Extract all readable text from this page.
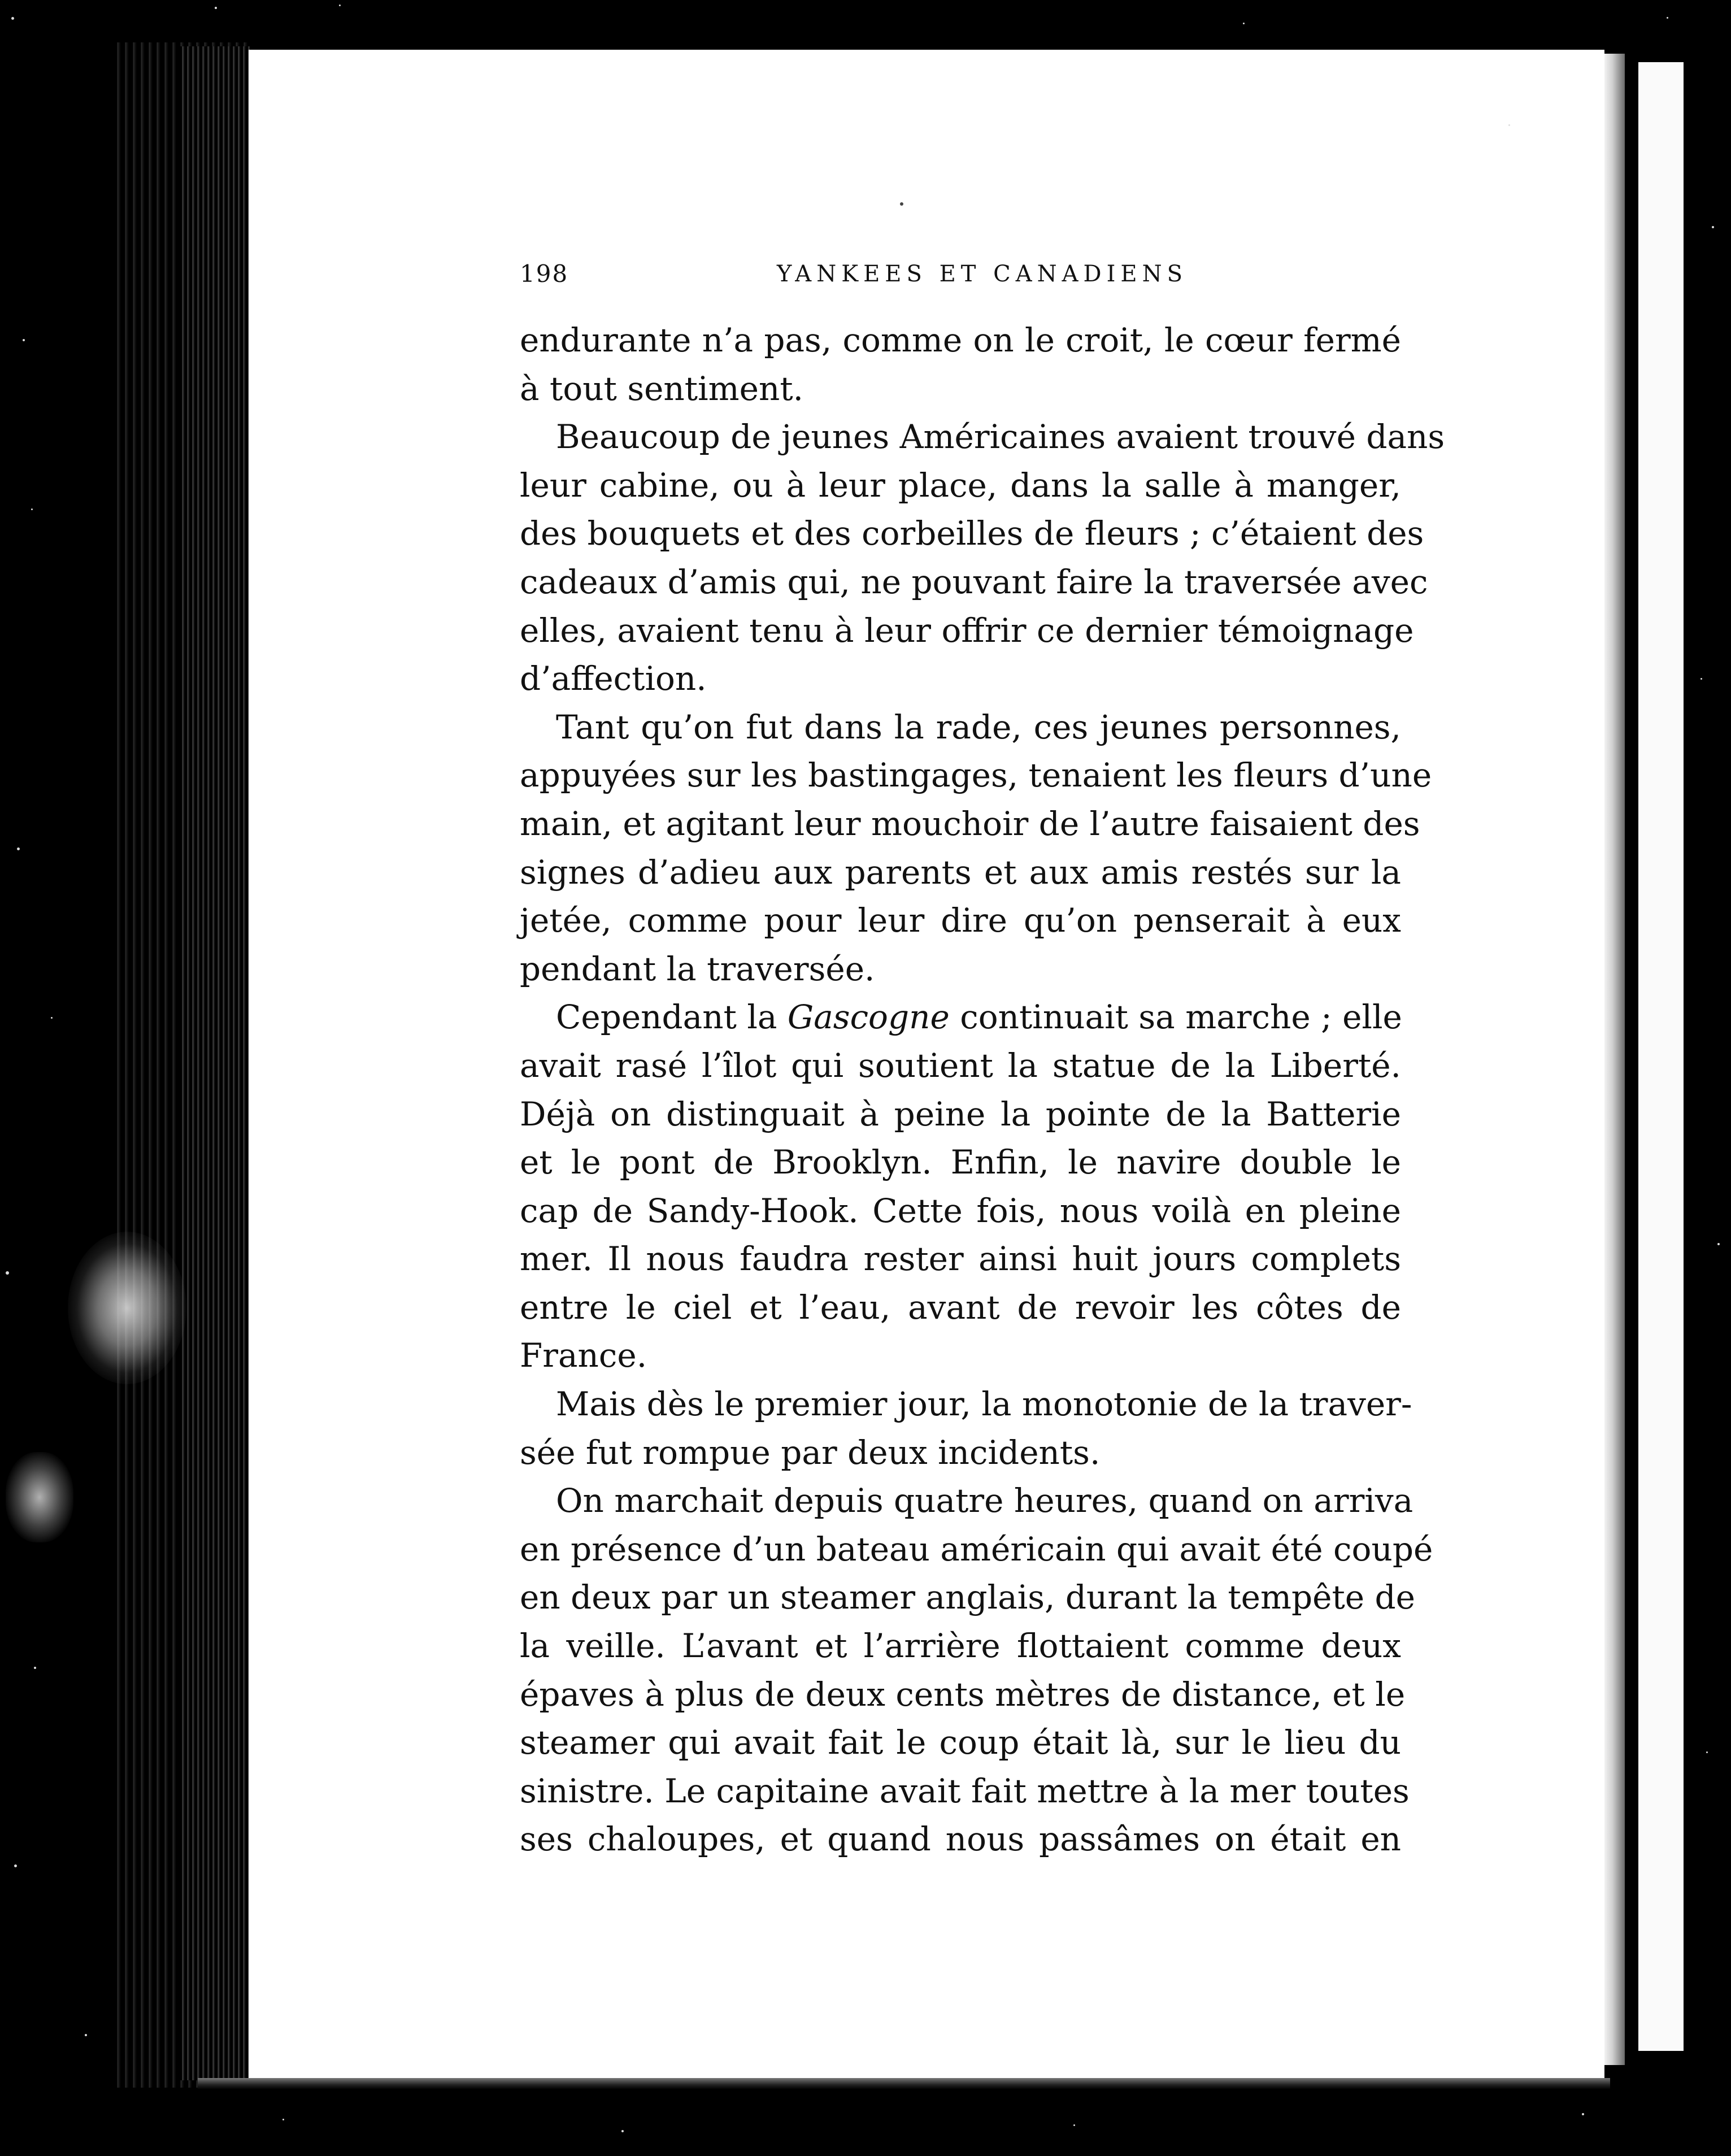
198	YANKEES ET CANADIENS
endurante n’a pas, comme on le croit, le cœur fermé
à tout sentiment.
Beaucoup de jeunes Américaines avaient trouvé dans
leur cabine, ou à leur place, dans la salle à manger,
des bouquets et des corbeilles de fleurs ; c’étaient des
cadeaux d’amis qui, ne pouvant faire la traversée avec
elles, avaient tenu à leur offrir ce dernier témoignage
d’affection.
Tant qu’on fut dans la rade, ces jeunes personnes,
appuyées sur les bastingages, tenaient les fleurs d’une
main, et agitant leur mouchoir de l’autre faisaient des
signes d’adieu aux parents et aux amis restés sur la
jetée, comme pour leur dire qu’on penserait à eux
pendant la traversée.
Cependant la Gascogne continuait sa marche ; elle
avait rasé l’îlot qui soutient la statue de la Liberté.
Déjà on distinguait à peine la pointe de la Batterie
et le pont de Brooklyn. Enfin, le navire double le
cap de Sandy-Hook. Cette fois, nous voilà en pleine
mer. Il nous faudra rester ainsi huit jours complets
entre le ciel et l’eau, avant de revoir les côtes de
France.
Mais dès le premier jour, la monotonie de la traver-
sée fut rompue par deux incidents.
On marchait depuis quatre heures, quand on arriva
en présence d’un bateau américain qui avait été coupé
en deux par un steamer anglais, durant la tempête de
la veille. L’avant et l’arrière flottaient comme deux
épaves à plus de deux cents mètres de distance, et le
steamer qui avait fait le coup était là, sur le lieu du
sinistre. Le capitaine avait fait mettre à la mer toutes
ses chaloupes, et quand nous passâmes on était en
